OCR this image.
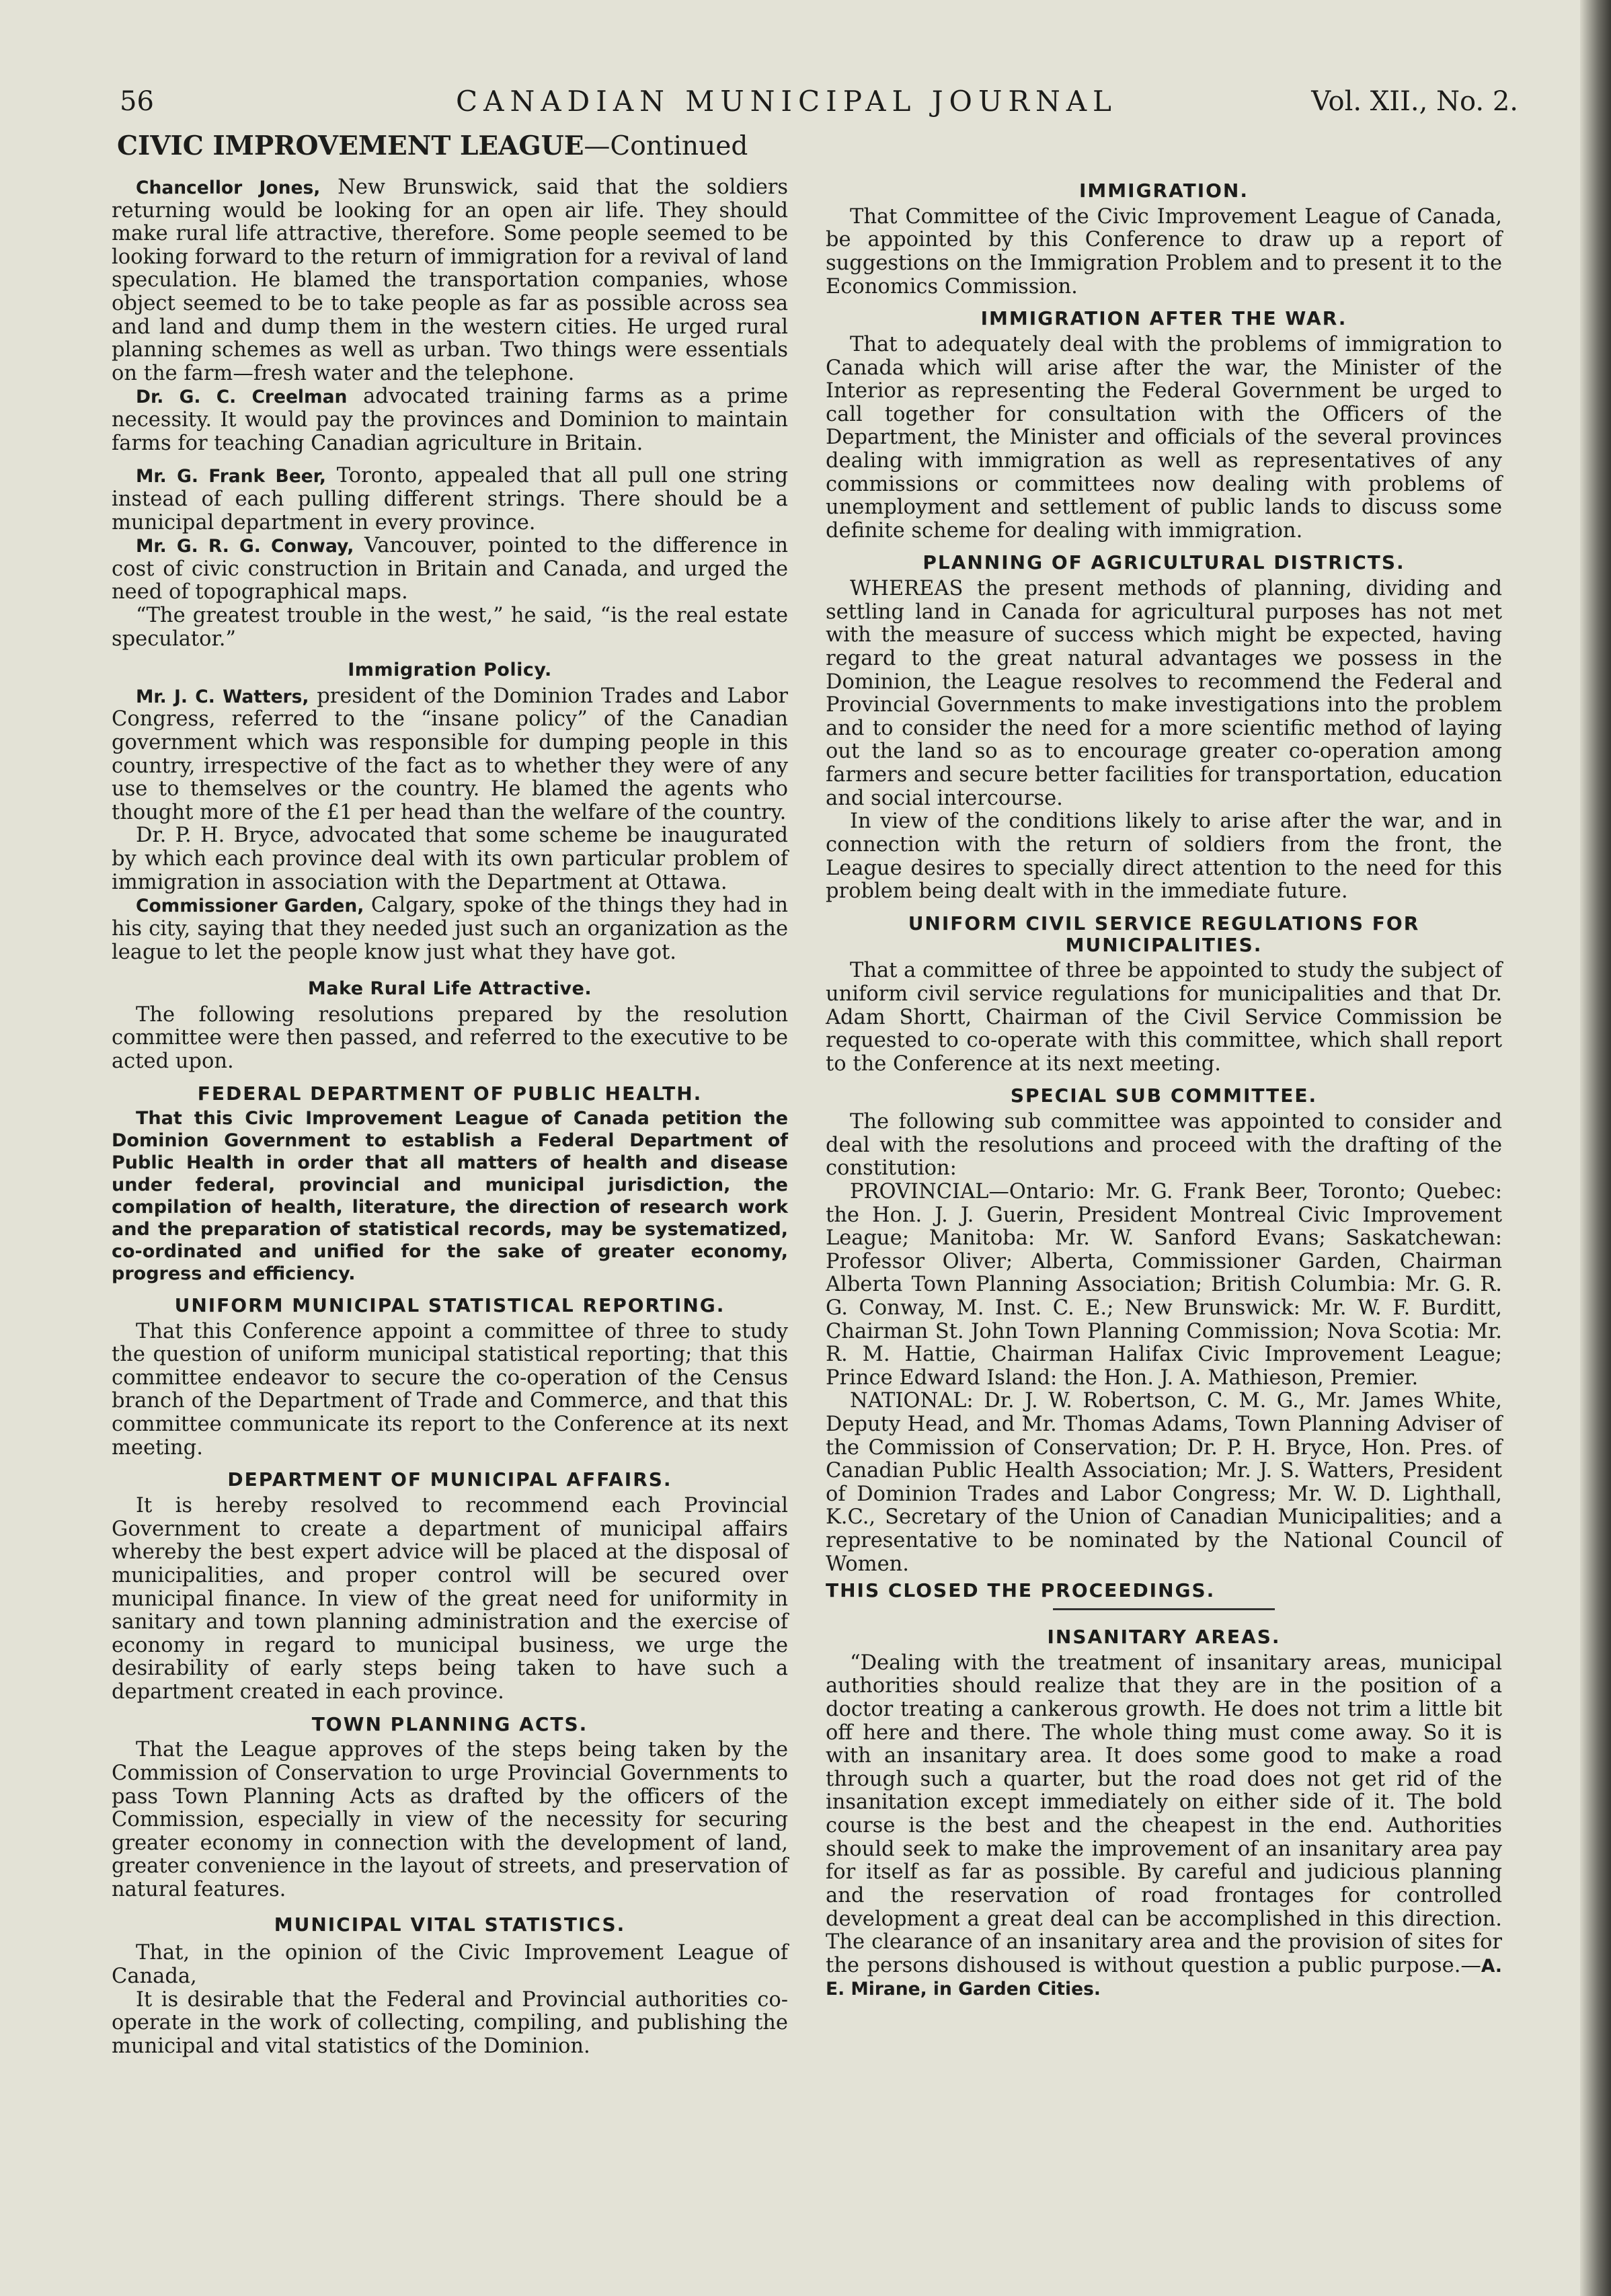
56	CANADIAN MUNICIPAL JOURNAL	Vol. XII., No. 2.
CIVIC IMPROVEMENT LEAGUE—Continued

Chancellor Jones, New Brunswick, said that the soldiers returning would be looking for an open air life. They should make rural life attractive, therefore. Some people seemed to be looking forward to the return of immigration for a revival of land speculation. He blamed the transportation companies, whose object seemed to be to take people as far as possible across sea and land and dump them in the western cities. He urged rural planning schemes as well as urban. Two things were essentials on the farm—fresh water and the telephone.

Dr. G. C. Creelman advocated training farms as a prime necessity. It would pay the provinces and Dominion to maintain farms for teaching Canadian agriculture in Britain.

Mr. G. Frank Beer, Toronto, appealed that all pull one string instead of each pulling different strings. There should be a municipal department in every province.

Mr. G. R. G. Conway, Vancouver, pointed to the difference in cost of civic construction in Britain and Canada, and urged the need of topographical maps.

“The greatest trouble in the west,” he said, “is the real estate speculator.”

Immigration Policy.

Mr. J. C. Watters, president of the Dominion Trades and Labor Congress, referred to the “insane policy” of the Canadian government which was responsible for dumping people in this country, irrespective of the fact as to whether they were of any use to themselves or the country. He blamed the agents who thought more of the £1 per head than the welfare of the country.

Dr. P. H. Bryce, advocated that some scheme be inaugurated by which each province deal with its own particular problem of immigration in association with the Department at Ottawa.

Commissioner Garden, Calgary, spoke of the things they had in his city, saying that they needed just such an organization as the league to let the people know just what they have got.

Make Rural Life Attractive.

The following resolutions prepared by the resolution committee were then passed, and referred to the executive to be acted upon.

FEDERAL DEPARTMENT OF PUBLIC HEALTH.

That this Civic Improvement League of Canada petition the Dominion Government to establish a Federal Department of Public Health in order that all matters of health and disease under federal, provincial and municipal jurisdiction, the compilation of health, literature, the direction of research work and the preparation of statistical records, may be systematized, co-ordinated and unified for the sake of greater economy, progress and efficiency.

UNIFORM MUNICIPAL STATISTICAL REPORTING.

That this Conference appoint a committee of three to study the question of uniform municipal statistical reporting; that this committee endeavor to secure the co-operation of the Census branch of the Department of Trade and Commerce, and that this committee communicate its report to the Conference at its next meeting.

DEPARTMENT OF MUNICIPAL AFFAIRS.

It is hereby resolved to recommend each Provincial Government to create a department of municipal affairs whereby the best expert advice will be placed at the disposal of municipalities, and proper control will be secured over municipal finance. In view of the great need for uniformity in sanitary and town planning administration and the exercise of economy in regard to municipal business, we urge the desirability of early steps being taken to have such a department created in each province.

TOWN PLANNING ACTS.

That the League approves of the steps being taken by the Commission of Conservation to urge Provincial Governments to pass Town Planning Acts as drafted by the officers of the Commission, especially in view of the necessity for securing greater economy in connection with the development of land, greater convenience in the layout of streets, and preservation of natural features.

MUNICIPAL VITAL STATISTICS.

That, in the opinion of the Civic Improvement League of Canada,

It is desirable that the Federal and Provincial authorities co-operate in the work of collecting, compiling, and publishing the municipal and vital statistics of the Dominion.

IMMIGRATION.

That Committee of the Civic Improvement League of Canada, be appointed by this Conference to draw up a report of suggestions on the Immigration Problem and to present it to the Economics Commission.

IMMIGRATION AFTER THE WAR.

That to adequately deal with the problems of immigration to Canada which will arise after the war, the Minister of the Interior as representing the Federal Government be urged to call together for consultation with the Officers of the Department, the Minister and officials of the several provinces dealing with immigration as well as representatives of any commissions or committees now dealing with problems of unemployment and settlement of public lands to discuss some definite scheme for dealing with immigration.

PLANNING OF AGRICULTURAL DISTRICTS.

WHEREAS the present methods of planning, dividing and settling land in Canada for agricultural purposes has not met with the measure of success which might be expected, having regard to the great natural advantages we possess in the Dominion, the League resolves to recommend the Federal and Provincial Governments to make investigations into the problem and to consider the need for a more scientific method of laying out the land so as to encourage greater co-operation among farmers and secure better facilities for transportation, education and social intercourse.

In view of the conditions likely to arise after the war, and in connection with the return of soldiers from the front, the League desires to specially direct attention to the need for this problem being dealt with in the immediate future.

UNIFORM CIVIL SERVICE REGULATIONS FOR
MUNICIPALITIES.

That a committee of three be appointed to study the subject of uniform civil service regulations for municipalities and that Dr. Adam Shortt, Chairman of the Civil Service Commission be requested to co-operate with this committee, which shall report to the Conference at its next meeting.

SPECIAL SUB COMMITTEE.

The following sub committee was appointed to consider and deal with the resolutions and proceed with the drafting of the constitution:

PROVINCIAL—Ontario: Mr. G. Frank Beer, Toronto; Quebec: the Hon. J. J. Guerin, President Montreal Civic Improvement League; Manitoba: Mr. W. Sanford Evans; Saskatchewan: Professor Oliver; Alberta, Commissioner Garden, Chairman Alberta Town Planning Association; British Columbia: Mr. G. R. G. Conway, M. Inst. C. E.; New Brunswick: Mr. W. F. Burditt, Chairman St. John Town Planning Commission; Nova Scotia: Mr. R. M. Hattie, Chairman Halifax Civic Improvement League; Prince Edward Island: the Hon. J. A. Mathieson, Premier.

NATIONAL: Dr. J. W. Robertson, C. M. G., Mr. James White, Deputy Head, and Mr. Thomas Adams, Town Planning Adviser of the Commission of Conservation; Dr. P. H. Bryce, Hon. Pres. of Canadian Public Health Association; Mr. J. S. Watters, President of Dominion Trades and Labor Congress; Mr. W. D. Lighthall, K.C., Secretary of the Union of Canadian Municipalities; and a representative to be nominated by the National Council of Women.

THIS CLOSED THE PROCEEDINGS.

INSANITARY AREAS.

“Dealing with the treatment of insanitary areas, municipal authorities should realize that they are in the position of a doctor treating a cankerous growth. He does not trim a little bit off here and there. The whole thing must come away. So it is with an insanitary area. It does some good to make a road through such a quarter, but the road does not get rid of the insanitation except immediately on either side of it. The bold course is the best and the cheapest in the end. Authorities should seek to make the improvement of an insanitary area pay for itself as far as possible. By careful and judicious planning and the reservation of road frontages for controlled development a great deal can be accomplished in this direction. The clearance of an insanitary area and the provision of sites for the persons dishoused is without question a public purpose.—A. E. Mirane, in Garden Cities.
